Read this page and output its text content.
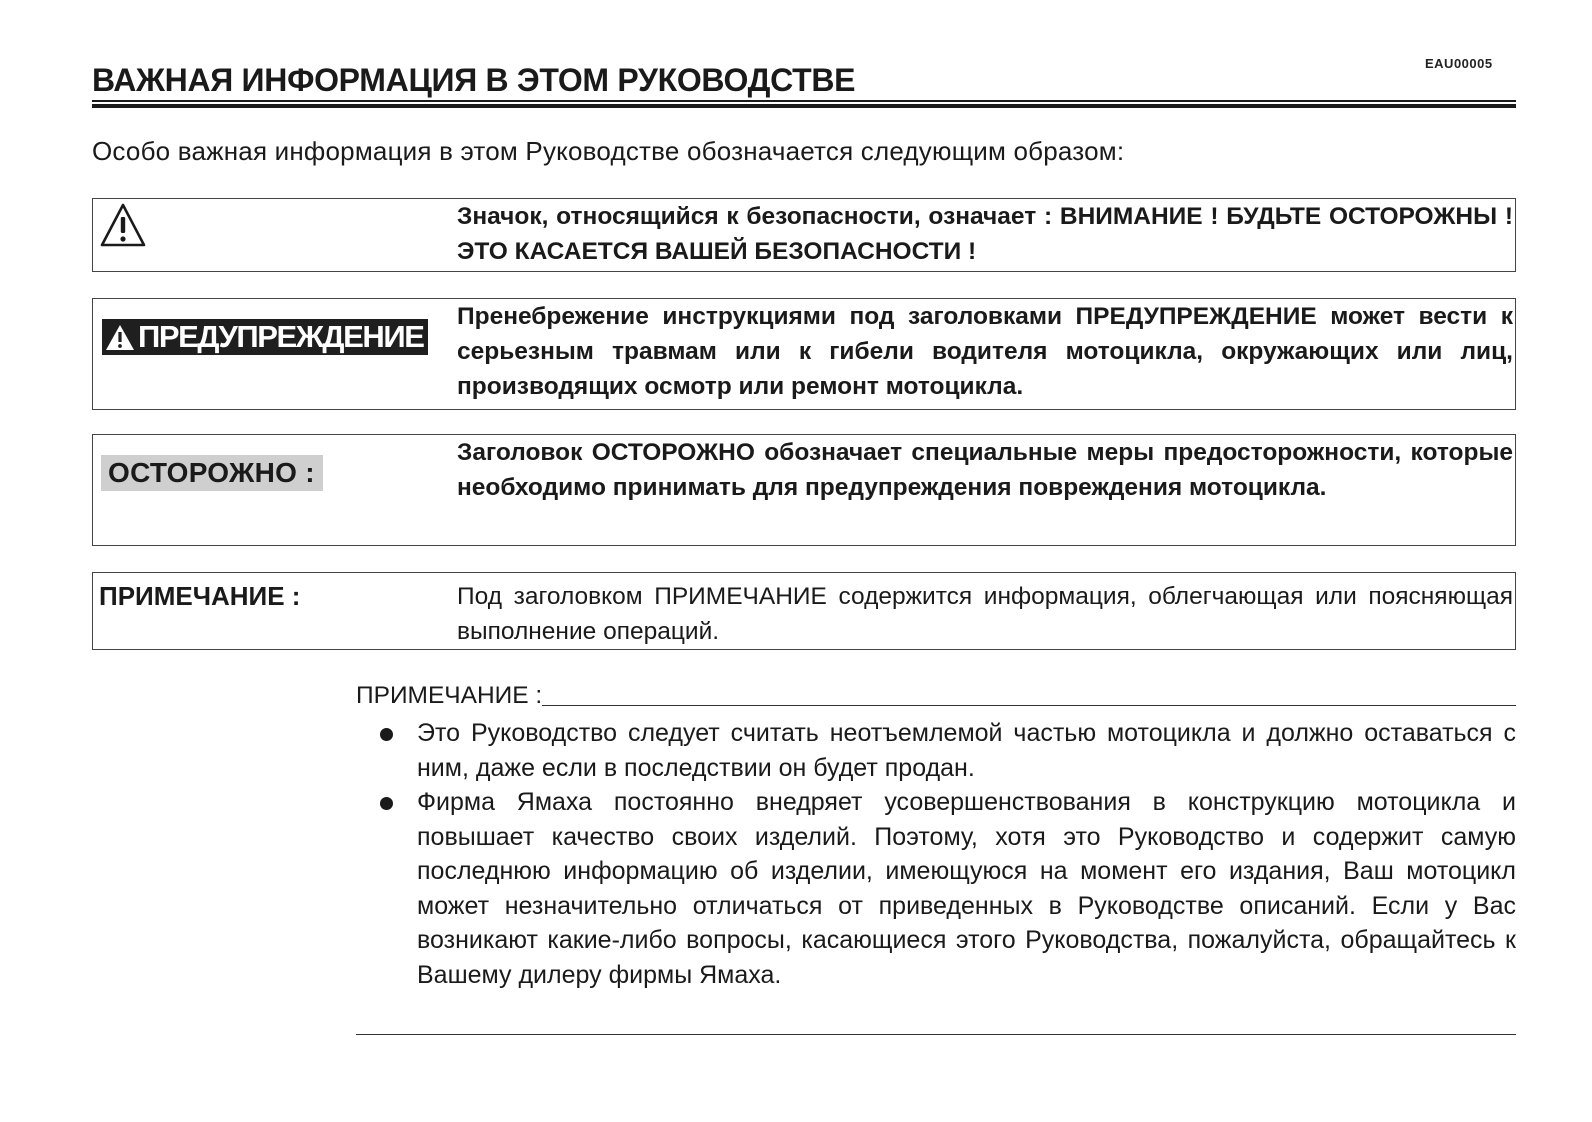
EAU00005
ВАЖНАЯ ИНФОРМАЦИЯ В ЭТОМ РУКОВОДСТВЕ

Особо важная информация в этом Руководстве обозначается следующим образом:

Значок, относящийся к безопасности, означает : ВНИМАНИЕ ! БУДЬТЕ ОСТОРОЖНЫ ! ЭТО КАСАЕТСЯ ВАШЕЙ БЕЗОПАСНОСТИ !

ПРЕДУПРЕЖДЕНИЕ

Пренебрежение инструкциями под заголовками ПРЕДУПРЕЖДЕНИЕ может вести к серьезным травмам или к гибели водителя мотоцикла, окружающих или лиц, производящих осмотр или ремонт мотоцикла.

ОСТОРОЖНО :

Заголовок ОСТОРОЖНО обозначает специальные меры предосторожности, которые необходимо принимать для предупреждения повреждения мотоцикла.

ПРИМЕЧАНИЕ :	Под заголовком ПРИМЕЧАНИЕ содержится информация, облегчающая или поясняющая выполнение операций.

ПРИМЕЧАНИЕ :
Это Руководство следует считать неотъемлемой частью мотоцикла и должно оставаться с ним, даже если в последствии он будет продан.
Фирма Ямаха постоянно внедряет усовершенствования в конструкцию мотоцикла и повышает качество своих изделий. Поэтому, хотя это Руководство и содержит самую последнюю информацию об изделии, имеющуюся на момент его издания, Ваш мотоцикл может незначительно отличаться от приведенных в Руководстве описаний. Если у Вас возникают какие-либо вопросы, касающиеся этого Руководства, пожалуйста, обращайтесь к Вашему дилеру фирмы Ямаха.
